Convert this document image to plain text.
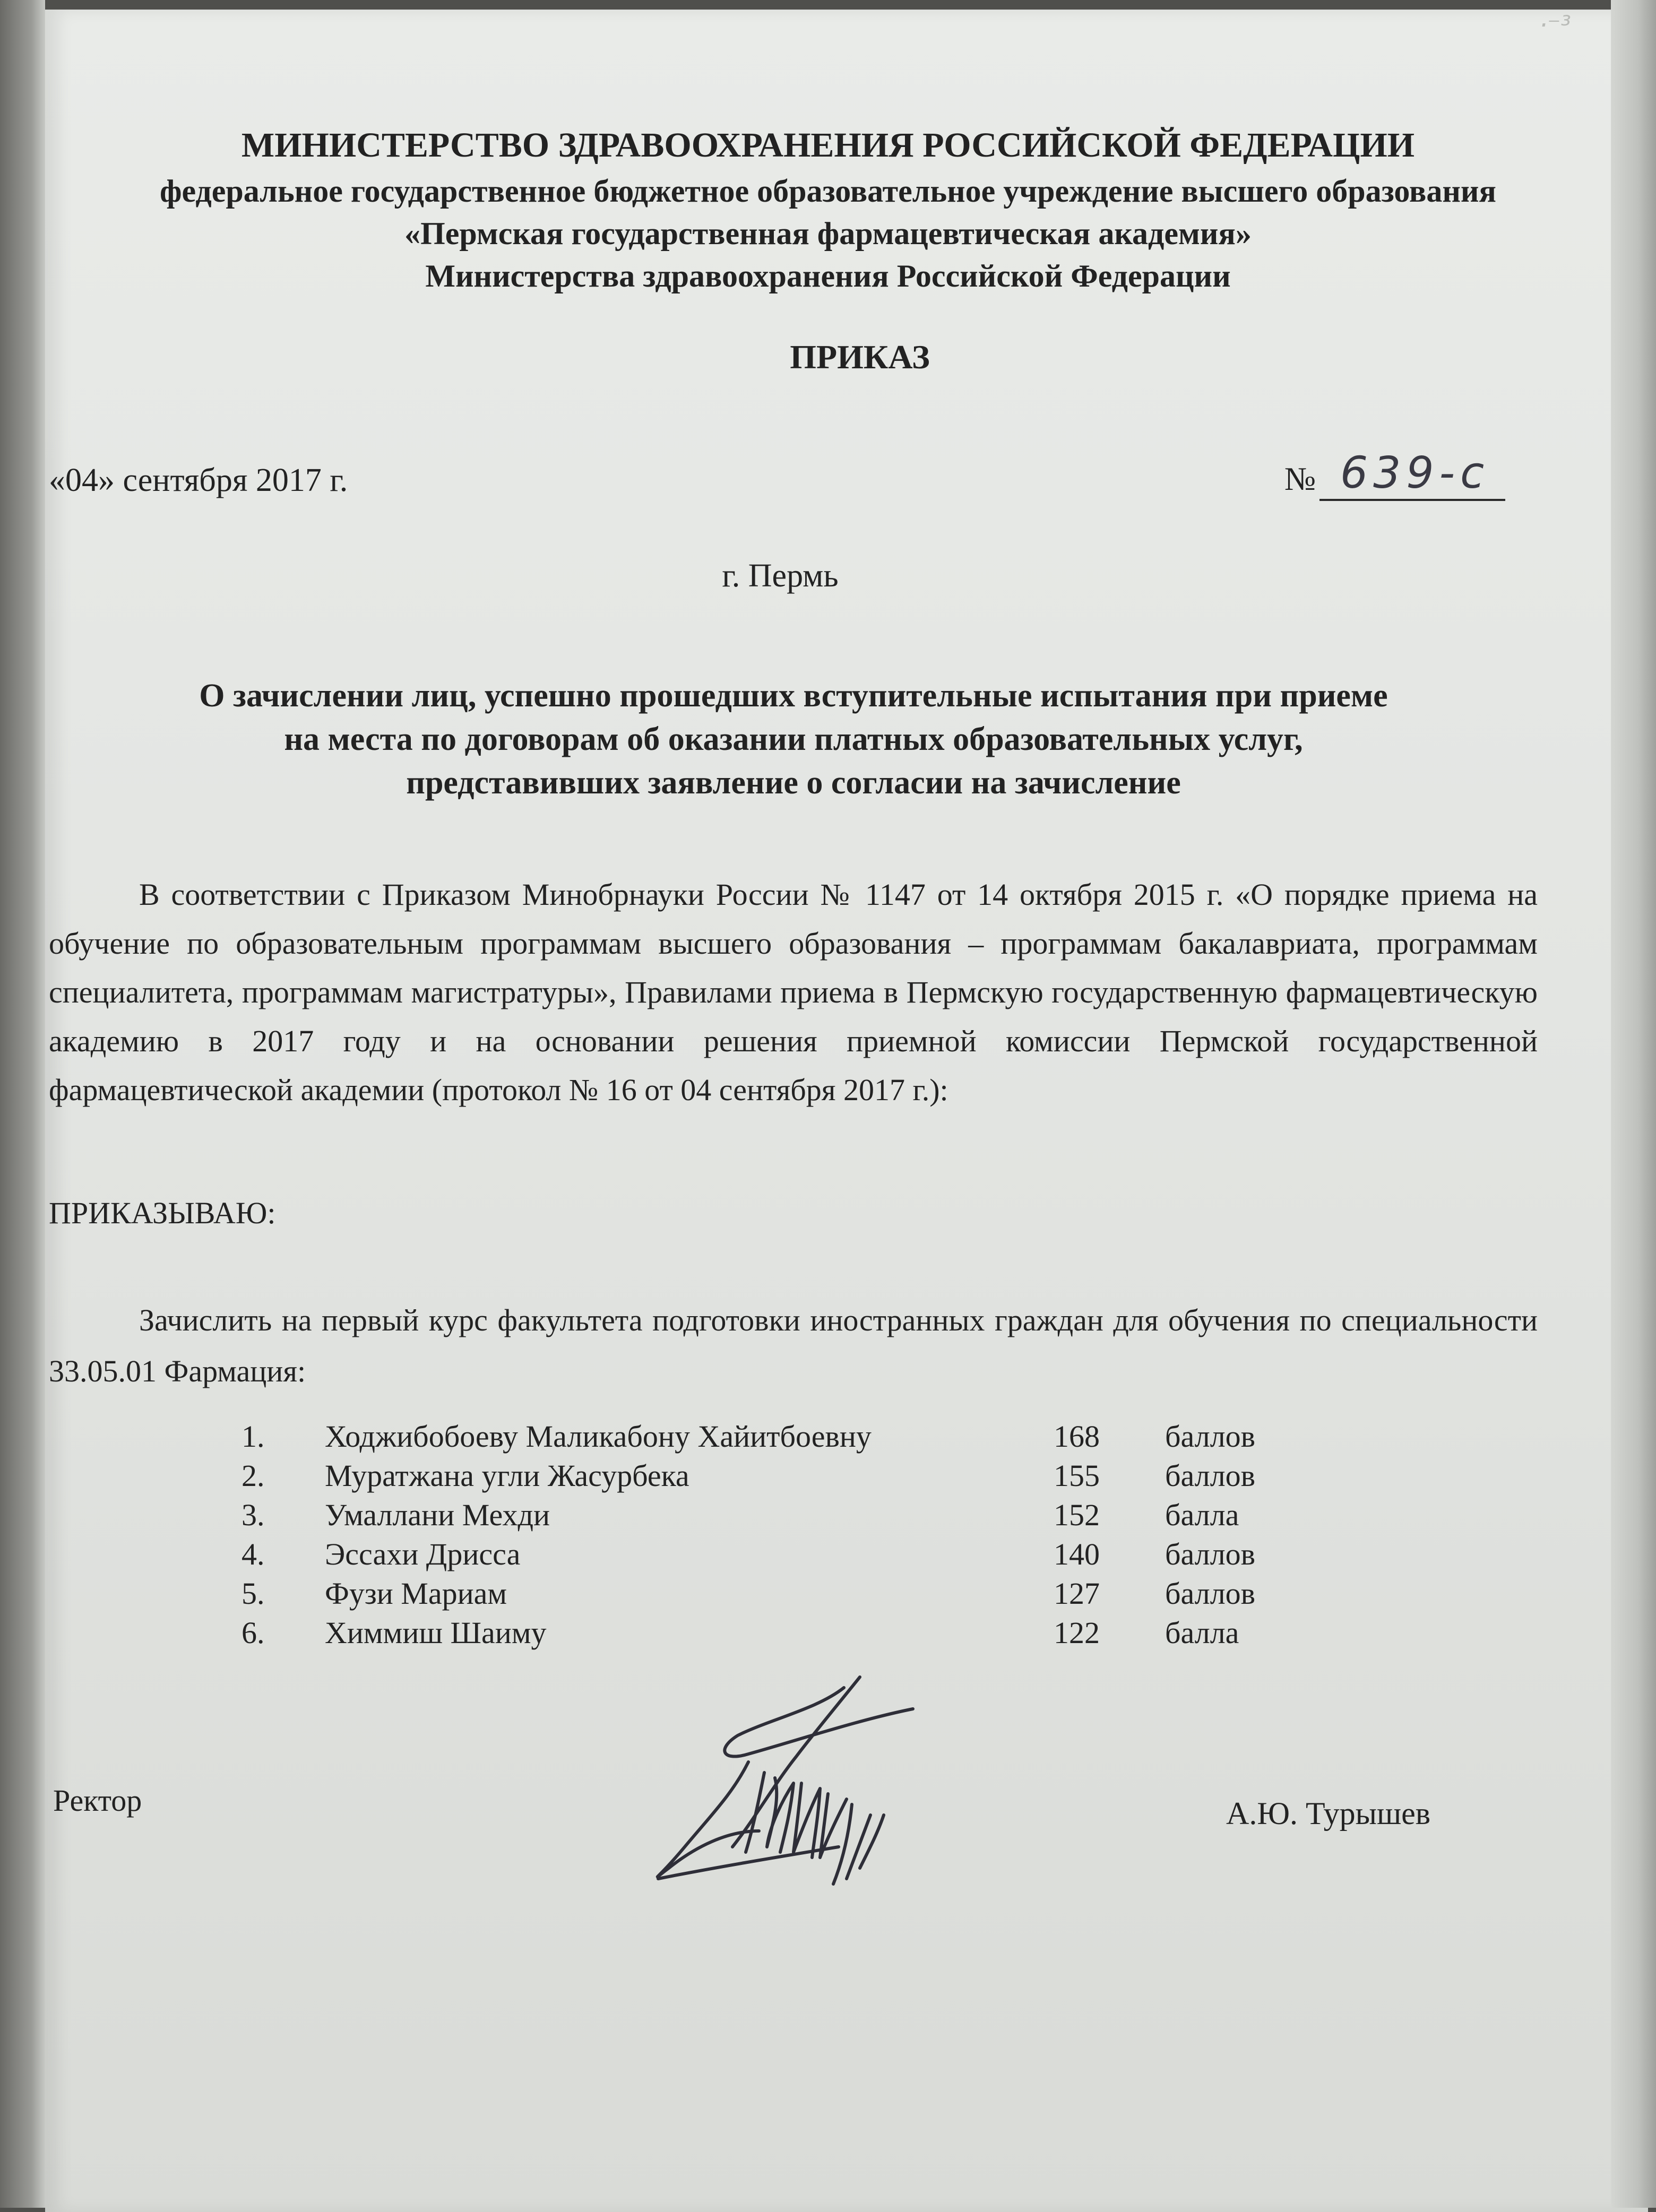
·⁻³
МИНИСТЕРСТВО ЗДРАВООХРАНЕНИЯ РОССИЙСКОЙ ФЕДЕРАЦИИ
федеральное государственное бюджетное образовательное учреждение высшего образования
«Пермская государственная фармацевтическая академия»
Министерства здравоохранения Российской Федерации
ПРИКАЗ
«04» сентября 2017 г.	№ 639-с
г. Пермь
О зачислении лиц, успешно прошедших вступительные испытания при приеме
на места по договорам об оказании платных образовательных услуг,
представивших заявление о согласии на зачисление
В соответствии с Приказом Минобрнауки России № 1147 от 14 октября 2015 г. «О порядке приема на обучение по образовательным программам высшего образования – программам бакалавриата, программам специалитета, программам магистратуры», Правилами приема в Пермскую государственную фармацевтическую академию в 2017 году и на основании решения приемной комиссии Пермской государственной фармацевтической академии (протокол № 16 от 04 сентября 2017 г.):
ПРИКАЗЫВАЮ:
Зачислить на первый курс факультета подготовки иностранных граждан для обучения по специальности 33.05.01 Фармация:
1. Ходжибобоеву Маликабону Хайитбоевну	168 баллов
2. Муратжана угли Жасурбека	155 баллов
3. Умаллани Мехди	152 балла
4. Эссахи Дрисса	140 баллов
5. Фузи Мариам	127 баллов
6. Химмиш Шаиму	122 балла
Ректор	А.Ю. Турышев
